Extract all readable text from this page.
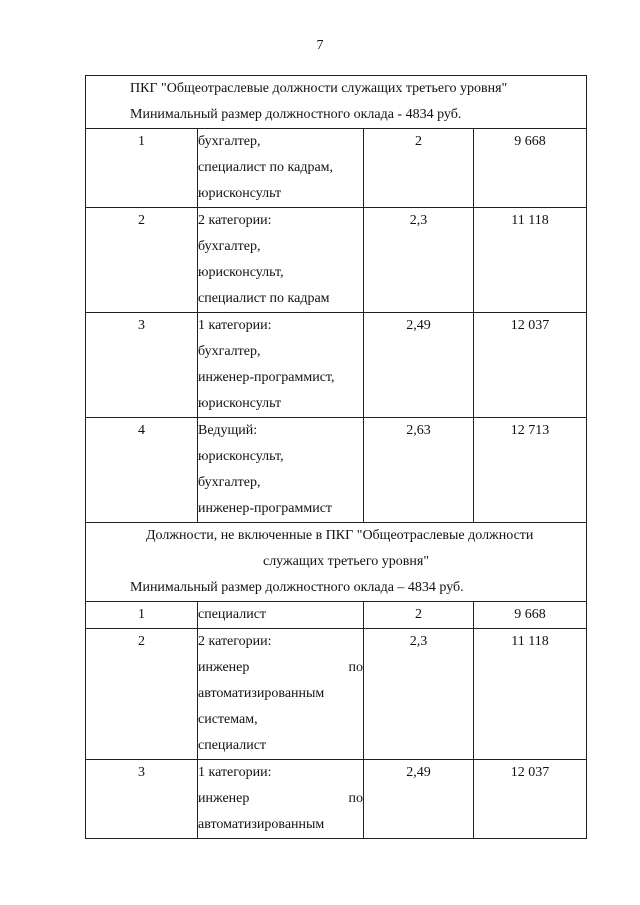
7
ПКГ "Общеотраслевые должности служащих третьего уровня"
Минимальный размер должностного оклада - 4834 руб.			

1	бухгалтер,
специалист по кадрам,
юрисконсульт	2	9 668
2	2 категории:
бухгалтер,
юрисконсульт,
специалист по кадрам	2,3	11 118
3	1 категории:
бухгалтер,
инженер-программист,
юрисконсульт	2,49	12 037
4	Ведущий:
юрисконсульт,
бухгалтер,
инженер-программист	2,63	12 713

Должности, не включенные в ПКГ "Общеотраслевые должности
служащих третьего уровня"
Минимальный размер должностного оклада – 4834 руб.			

1	специалист	2	9 668
2	2 категории:
инженер по
автоматизированным
системам,
специалист	2,3	11 118
3	1 категории:
инженер по
автоматизированным	2,49	12 037
